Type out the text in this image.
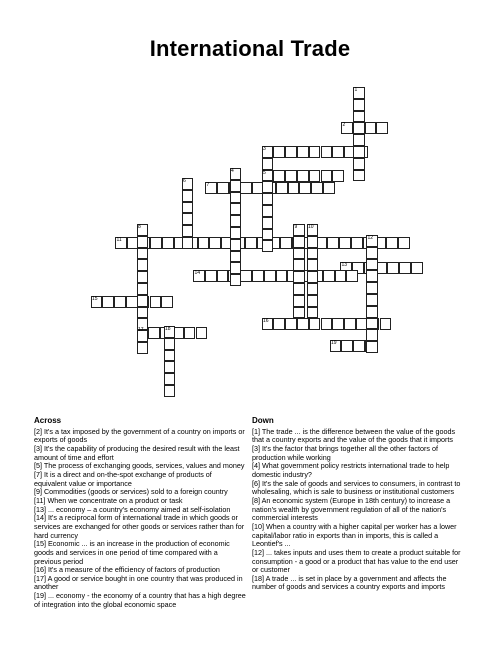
International Trade
1
2
3
4	5
6
7
8	9 10
11	12
13
14
15
16
17	18
19
Across

[2] It's a tax imposed by the government of a country on imports or exports of goods

[3] It's the capability of producing the desired result with the least amount of time and effort

[5] The process of exchanging goods, services, values and money

[7] It is a direct and on-the-spot exchange of products of equivalent value or importance

[9] Commodities (goods or services) sold to a foreign country

[11] When we concentrate on a product or task

[13] ... economy – a country's economy aimed at self-isolation

[14] It's a reciprocal form of international trade in which goods or services are exchanged for other goods or services rather than for hard currency

[15] Economic ... is an increase in the production of economic goods and services in one period of time compared with a previous period

[16] It's a measure of the efficiency of factors of production

[17] A good or service bought in one country that was produced in another

[19] ... economy - the economy of a country that has a high degree of integration into the global economic space

Down

[1] The trade ... is the difference between the value of the goods that a country exports and the value of the goods that it imports

[3] It's the factor that brings together all the other factors of production while working

[4] What government policy restricts international trade to help domestic industry?

[6] It's the sale of goods and services to consumers, in contrast to wholesaling, which is sale to business or institutional customers

[8] An economic system (Europe in 18th century) to increase a nation's wealth by government regulation of all of the nation's commercial interests

[10] When a country with a higher capital per worker has a lower capital/labor ratio in exports than in imports, this is called a Leontief's ...

[12] ... takes inputs and uses them to create a product suitable for consumption - a good or a product that has value to the end user or customer

[18] A trade ... is set in place by a government and affects the number of goods and services a country exports and imports
